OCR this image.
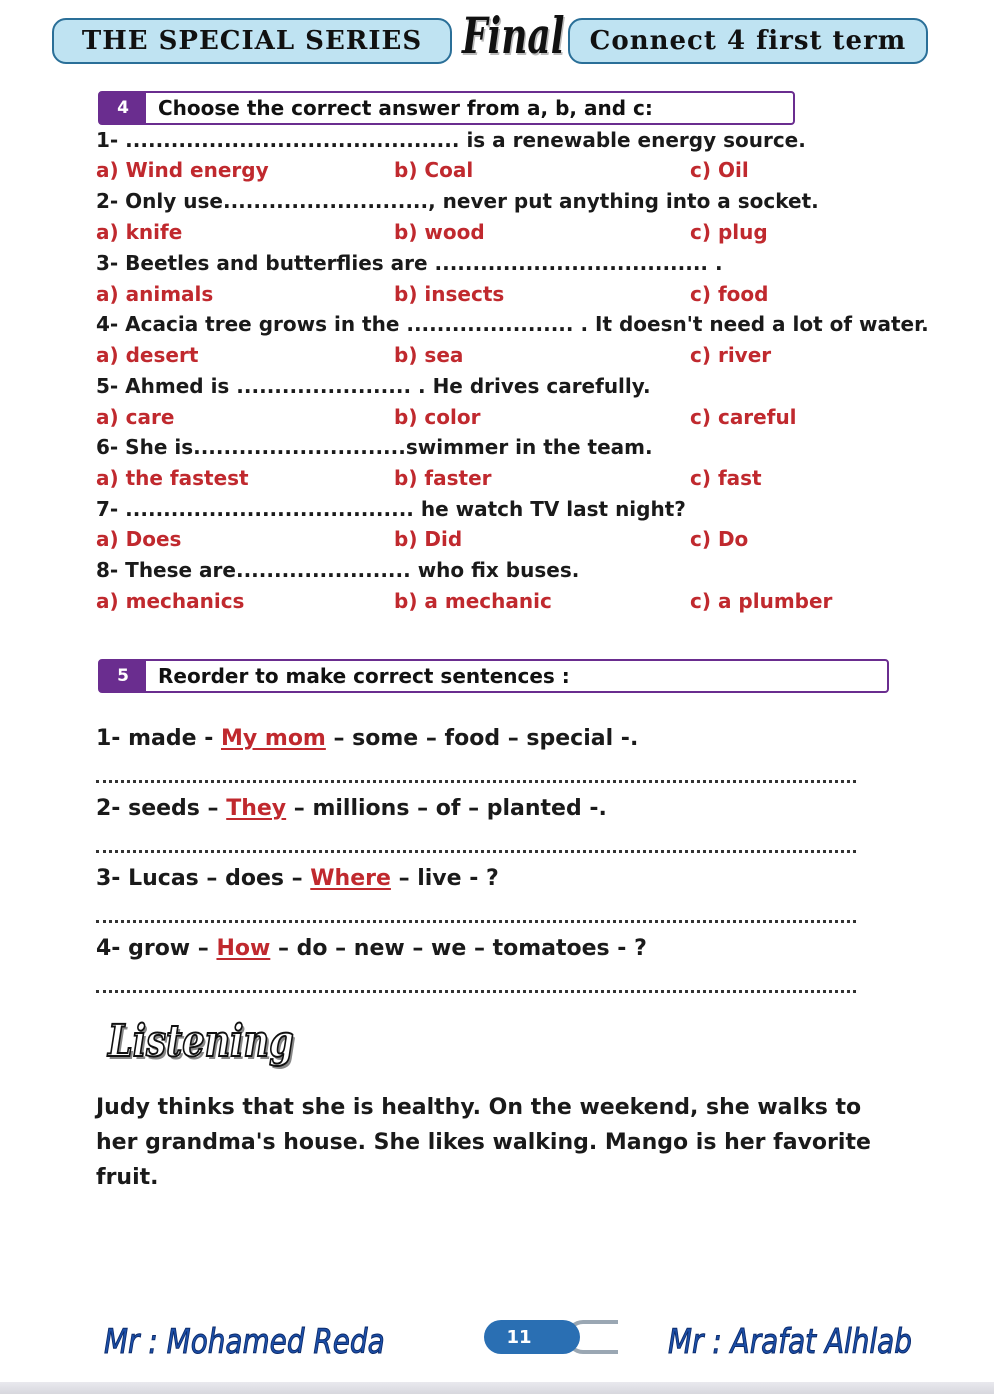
THE SPECIAL SERIES Final Connect 4 first term
4	Choose the correct answer from a, b, and c:
1- ............................................ is a renewable energy source.
a) Wind energy	b) Coal	c) Oil
2- Only use..........................., never put anything into a socket.
a) knife	b) wood	c) plug
3- Beetles and butterflies are .................................... .
a) animals	b) insects	c) food
4- Acacia tree grows in the ...................... . It doesn't need a lot of water.
a) desert	b) sea	c) river
5- Ahmed is ....................... . He drives carefully.
a) care	b) color	c) careful
6- She is............................swimmer in the team.
a) the fastest	b) faster	c) fast
7- ...................................... he watch TV last night?
a) Does	b) Did	c) Do
8- These are....................... who fix buses.
a) mechanics	b) a mechanic	c) a plumber
5	Reorder to make correct sentences :
1- made - My mom – some – food – special -.
2- seeds – They – millions – of – planted -.
3- Lucas – does – Where – live - ?
4- grow – How – do – new – we – tomatoes - ?
Listening
Judy thinks that she is healthy. On the weekend, she walks to her grandma's house. She likes walking. Mango is her favorite fruit.
Mr : Mohamed Reda	11	Mr : Arafat Alhlab
